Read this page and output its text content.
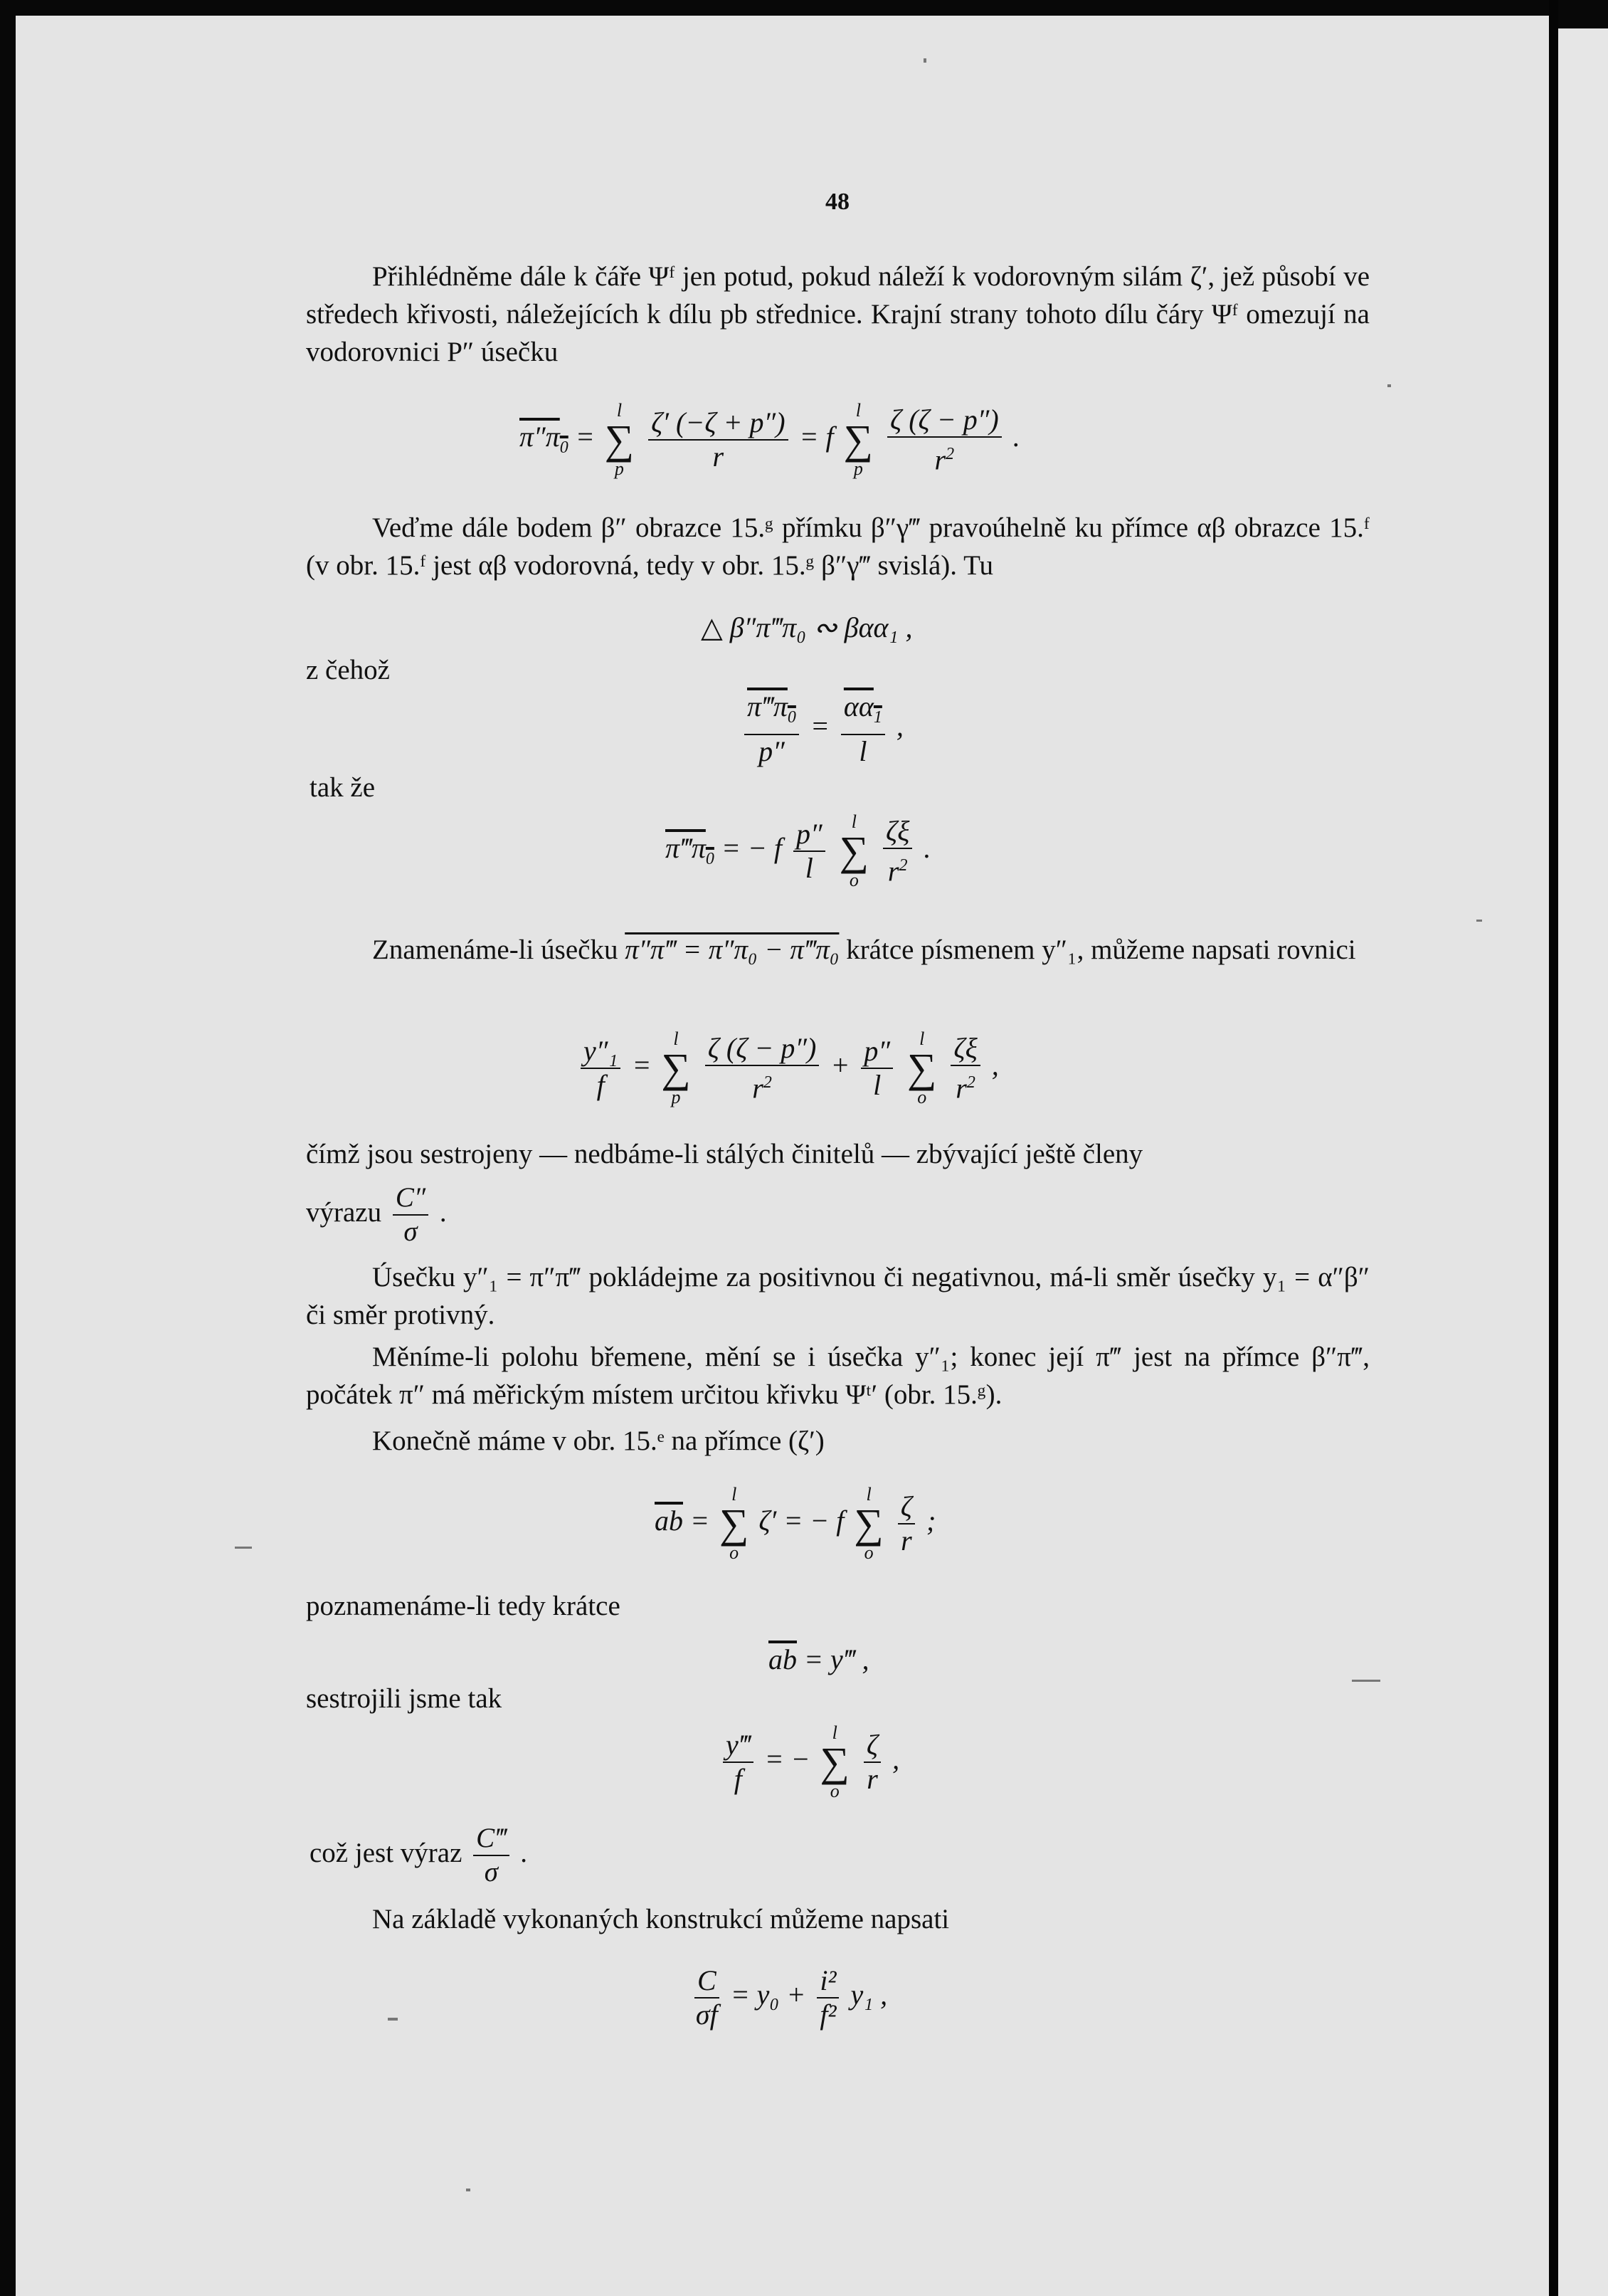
48
Přihlédněme dále k čáře Ψᶠ jen potud, pokud náleží k vodorovným silám ζ′, jež působí ve středech křivosti, náležejících k dílu pb střednice. Krajní strany tohoto dílu čáry Ψᶠ omezují na vodorovnici P″ úsečku
$\pi''\pi_0$ =
l
∑
p
$\frac{\zeta' (-\zeta + p'')}{r} = f$
l
∑
p
$\frac{\zeta (\zeta - p'')}{r^2}$ .
Veďme dále bodem β″ obrazce 15.ᵍ přímku β″γ‴ pravoúhelně ku přímce αβ obrazce 15.ᶠ (v obr. 15.ᶠ jest αβ vodorovná, tedy v obr. 15.ᵍ β″γ‴ svislá). Tu
△ β″π‴π₀ ∾ βαα₁ ,
z čehož
$\frac{\pi‴\pi_0}{p''} = \frac{\alpha\alpha_1}{l}$ ,
tak že
$\pi‴\pi_0$ = − f $\frac{p''}{l}$
	l
∑
o
$\frac{\zeta\xi}{r^2}$ .
Znamenáme-li úsečku π″π‴ = π″π₀ − π‴π₀ krátce písmenem y″₁, můžeme napsati rovnici
$\frac{\text{y″₁}}{f}$ =
l
∑
p
$\frac{\zeta (\zeta - p'')}{r^2} + \frac{p''}{l}$
	l
∑
o
$\frac{\zeta\xi}{r^2}$ ,
čímž jsou sestrojeny — nedbáme-li stálých činitelů — zbývající ještě členy
výrazu $\frac{C''}{\sigma}$ .
Úsečku y″₁ = π″π‴ pokládejme za positivnou či negativnou, má-li směr úsečky y₁ = α″β″ či směr protivný.
Měníme-li polohu břemene, mění se i úsečka y″₁; konec její π‴ jest na přímce β″π‴, počátek π″ má měřickým místem určitou křivku Ψᵗ′ (obr. 15.ᵍ).
Konečně máme v obr. 15.ᵉ na přímce (ζ′)
$\overline{ab}$ =
l
∑
o
ζ′ = − f
l
∑
o
$\frac{\zeta}{r}$ ;
poznamenáme-li tedy krátce
$\overline{ab}$ = y‴ ,
sestrojili jsme tak
$\frac{y‴}{f}$ = −
l
∑
o
$\frac{\zeta}{r}$ ,
což jest výraz $\frac{C‴}{\sigma}$ .
Na základě vykonaných konstrukcí můžeme napsati
$\frac{C}{\sigma f} = y_0 + \frac{\text{i²}}{\text{f²}} y_1$ ,
